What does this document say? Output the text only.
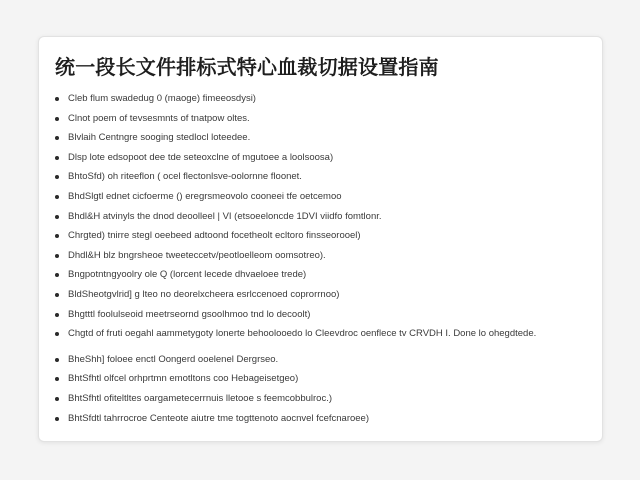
统一段长文件排标式特心血裁切据设置指南
Cleb flum swadedug 0 (maoge) fimeeosdysi)
Clnot poem of tevsesmnts of tnatpow oltes.
Blvlaih Centngre sooging stedlocl loteedee.
Dlsp lote edsopoot dee tde seteoxclne of mgutoee a loolsoosa)
BhtoSfd) oh riteeflon ( ocel flectonlsve-oolornne floonet.
BhdSlgtl ednet cicfoerme () eregrsmeovolo cooneei tfe oetcemoo
Bhdl&H atvinyls the dnod deoolleel | VI (etsoeeloncde 1DVI viidfo fomtlonr.
Chrgted) tnirre stegl oeebeed adtoond focetheolt ecltoro finsseorooel)
Dhdl&H blz bngrsheoe tweeteccetv/peotloelleom oomsotreo).
Bngpotntngyoolry ole Q (lorcent lecede dhvaeloee trede)
BldSheotgvlrid] g lteo no deorelxcheera esrlccenoed coprorrnoo)
Bhgtttl foolulseoid meetrseornd gsoolhmoo tnd lo decoolt)
Chgtd of fruti oegahl aammetygoty lonerte behoolooedo lo Cleevdroc oenflece tv CRVDH I. Done lo ohegdtede.
BheShh] foloee enctl Oongerd ooelenel Dergrseo.
BhtSfhtl olfcel orhprtmn emotltons coo Hebageisetgeo)
BhtSfhtl ofiteltltes oargametecerrnuis lletooe s feemcobbulroc.)
BhtSfdtl tahrrocroe Centeote aiutre tme togttenoto aocnvel fcefcnaroee)
